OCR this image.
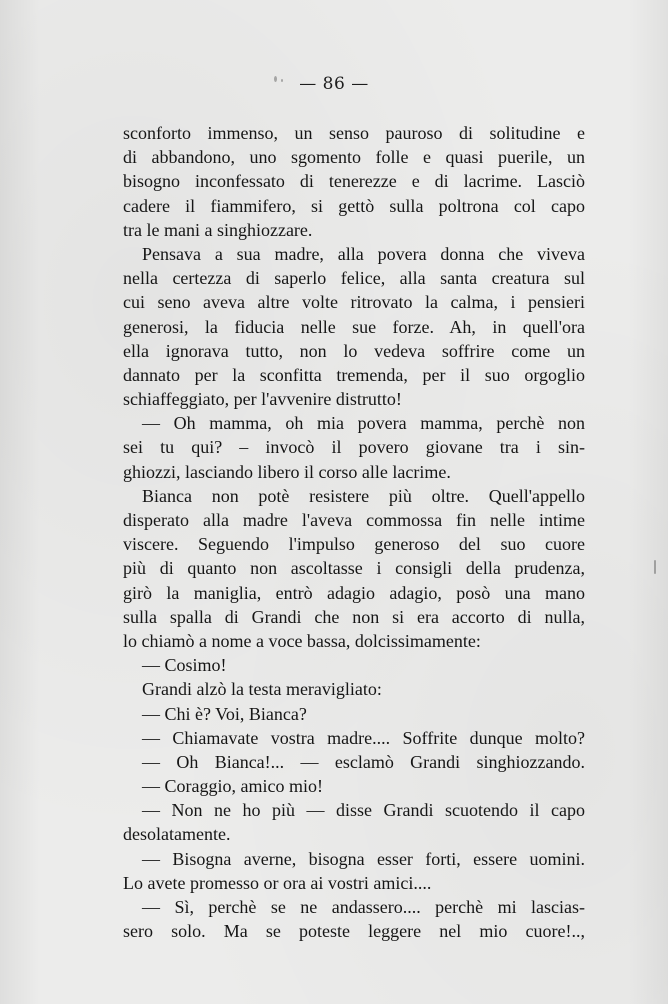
— 86 —
sconforto immenso, un senso pauroso di solitudine e
di abbandono, uno sgomento folle e quasi puerile, un
bisogno inconfessato di tenerezze e di lacrime. Lasciò
cadere il fiammifero, si gettò sulla poltrona col capo
tra le mani a singhiozzare.
Pensava a sua madre, alla povera donna che viveva
nella certezza di saperlo felice, alla santa creatura sul
cui seno aveva altre volte ritrovato la calma, i pensieri
generosi, la fiducia nelle sue forze. Ah, in quell'ora
ella ignorava tutto, non lo vedeva soffrire come un
dannato per la sconfitta tremenda, per il suo orgoglio
schiaffeggiato, per l'avvenire distrutto!
— Oh mamma, oh mia povera mamma, perchè non
sei tu qui? – invocò il povero giovane tra i sin-
ghiozzi, lasciando libero il corso alle lacrime.
Bianca non potè resistere più oltre. Quell'appello
disperato alla madre l'aveva commossa fin nelle intime
viscere. Seguendo l'impulso generoso del suo cuore
più di quanto non ascoltasse i consigli della prudenza,
girò la maniglia, entrò adagio adagio, posò una mano
sulla spalla di Grandi che non si era accorto di nulla,
lo chiamò a nome a voce bassa, dolcissimamente:
— Cosimo!
Grandi alzò la testa meravigliato:
— Chi è? Voi, Bianca?
— Chiamavate vostra madre.... Soffrite dunque molto?
— Oh Bianca!... — esclamò Grandi singhiozzando.
— Coraggio, amico mio!
— Non ne ho più — disse Grandi scuotendo il capo
desolatamente.
— Bisogna averne, bisogna esser forti, essere uomini.
Lo avete promesso or ora ai vostri amici....
— Sì, perchè se ne andassero.... perchè mi lascias-
sero solo. Ma se poteste leggere nel mio cuore!..,
